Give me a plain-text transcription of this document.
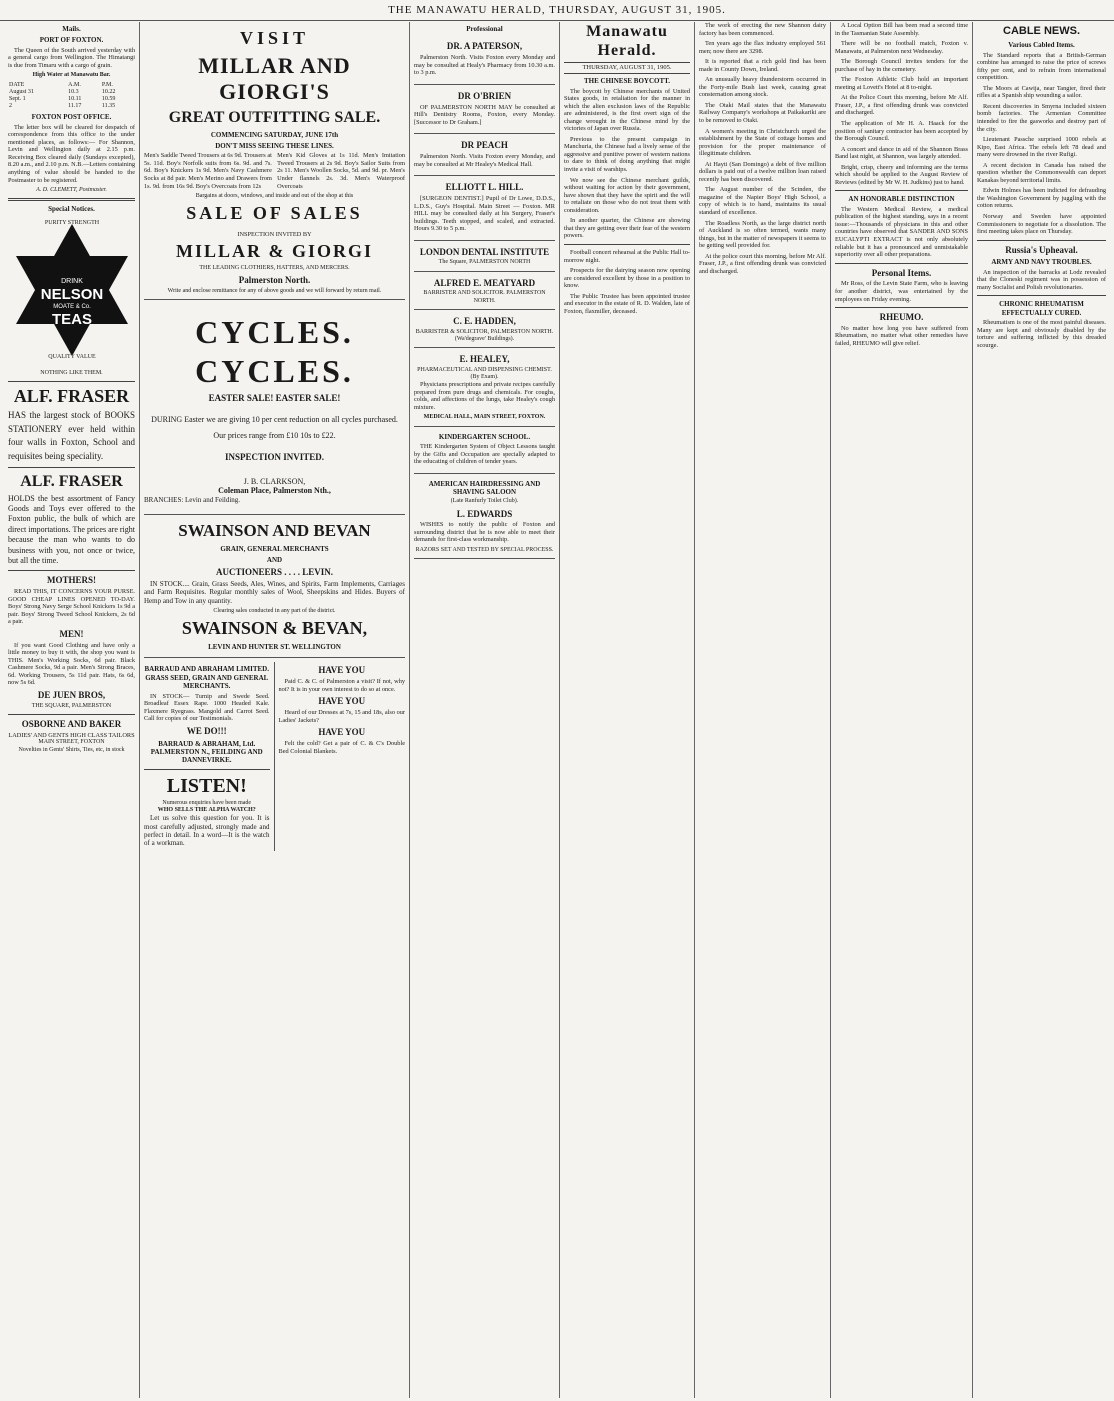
THE MANAWATU HERALD, THURSDAY, AUGUST 31, 1905.
Mails.
PORT OF FOXTON.

The Queen of the South arrived yesterday with a general cargo from Wellington. The Himatangi is due from Timaru with a cargo of grain.

High Water at Manawatu Bar.
DATE	A.M.	P.M.
August 31	10.3	10.22
Sept. 1	10.11	10.59
2	11.17	11.35
FOXTON POST OFFICE.

The letter box will be cleared for despatch of correspondence from this office to the under mentioned places, as follows:— For Shannon, Levin and Wellington daily at 2.15 p.m. Receiving Box cleared daily (Sundays excepted), 8.20 a.m., and 2.10 p.m. N.B.—Letters containing anything of value should be handed to the Postmaster to be registered.

A. D. CLEMETT, Postmaster.
Special Notices.
DRINK
NELSON
MOATE & Co.
TEAS
PURITY STRENGTH
QUALITY VALUE
NOTHING LIKE THEM.
ALF. FRASER

HAS the largest stock of BOOKS STATIONERY ever held within four walls in Foxton, School and requisites being speciality.

ALF. FRASER

HOLDS the best assortment of Fancy Goods and Toys ever offered to the Foxton public, the bulk of which are direct importations. The prices are right because the man who wants to do business with you, not once or twice, but all the time.

MOTHERS!

READ THIS, IT CONCERNS YOUR PURSE. GOOD CHEAP LINES OPENED TO-DAY. Boys' Strong Navy Serge School Knickers 1s 9d a pair. Boys' Strong Tweed School Knickers, 2s 6d a pair.

MEN!

If you want Good Clothing and have only a little money to buy it with, the shop you want is THIS. Men's Working Socks, 6d pair. Black Cashmere Socks, 9d a pair. Men's Strong Braces, 6d. Working Trousers, 5s 11d pair. Hats, 6s 6d, now 5s 6d.

DE JUEN BROS,
THE SQUARE, PALMERSTON
OSBORNE AND BAKER
LADIES' AND GENTS HIGH CLASS TAILORS
MAIN STREET, FOXTON
Novelties in Gents' Shirts, Ties, etc, in stock
VISIT
MILLAR AND GIORGI'S
GREAT OUTFITTING SALE.
COMMENCING SATURDAY, JUNE 17th
DON'T MISS SEEING THESE LINES.

Men's Saddle Tweed Trousers at 6s 9d. Trousers at 5s. 11d. Boy's Norfolk suits from 6s. 9d. and 7s. 6d. Boy's Knickers 1s 9d. Men's Navy Cashmere Socks at 8d pair. Men's Merino and Drawers from 1s. 9d. from 16s 9d. Boy's Overcoats from 12s

Men's Kid Gloves at 1s 11d. Men's Imitation Tweed Trousers at 2s 9d. Boy's Sailor Suits from 2s 11. Men's Woollen Socks, 5d. and 9d. pr. Men's Under flannels 2s. 3d. Men's Waterproof Overcoats

Bargains at doors, windows, and inside and out of the shop at this
SALE OF SALES
INSPECTION INVITED BY
MILLAR & GIORGI
THE LEADING CLOTHIERS, HATTERS, AND MERCERS.
Palmerston North.
Write and enclose remittance for any of above goods and we will forward by return mail.
CYCLES. CYCLES.
EASTER SALE! EASTER SALE!

DURING Easter we are giving 10 per cent reduction on all cycles purchased. Our prices range from £10 10s to £22.

INSPECTION INVITED.
J. B. CLARKSON,
Coleman Place, Palmerston Nth.,
BRANCHES: Levin and Feilding.
SWAINSON AND BEVAN
GRAIN, GENERAL MERCHANTS
AND
AUCTIONEERS . . . . LEVIN.

IN STOCK.... Grain, Grass Seeds, Ales, Wines, and Spirits, Farm Implements, Carriages and Farm Requisites. Regular monthly sales of Wool, Sheepskins and Hides. Buyers of Hemp and Tow in any quantity.

Clearing sales conducted in any part of the district.
SWAINSON & BEVAN,
LEVIN AND HUNTER ST. WELLINGTON
BARRAUD AND ABRAHAM LIMITED. GRASS SEED, GRAIN AND GENERAL MERCHANTS.

IN STOCK— Turnip and Swede Seed. Broadleaf Essex Rape. 1000 Headed Kale. Flaxmere Ryegrass. Mangold and Carrot Seed. Call for copies of our Testimonials.

WE DO!!!
BARRAUD & ABRAHAM, Ltd. PALMERSTON N., FEILDING AND DANNEVIRKE.
LISTEN!
Numerous enquiries have been made
WHO SELLS THE ALPHA WATCH?

Let us solve this question for you. It is most carefully adjusted, strongly made and perfect in detail. In a word—It is the watch of a workman.

HAVE YOU

Paid C. & C. of Palmerston a visit? If not, why not? It is in your own interest to do so at once.

HAVE YOU

Heard of our Dresses at 7s, 15 and 18s, also our Ladies' Jackets?

HAVE YOU

Felt the cold? Get a pair of C. & C's Double Bed Colonial Blankets.

Professional
DR. A PATERSON,

Palmerston North. Visits Foxton every Monday and may be consulted at Healy's Pharmacy from 10.30 a.m. to 3 p.m.

DR O'BRIEN

OF PALMERSTON NORTH MAY be consulted at Hill's Dentistry Rooms, Foxton, every Monday. [Successor to Dr Graham.]

DR PEACH

Palmerston North. Visits Foxton every Monday, and may be consulted at Mr Healey's Medical Hall.

ELLIOTT L. HILL.

[SURGEON DENTIST.] Pupil of Dr Lowe, D.D.S., L.D.S., Guy's Hospital. Main Street — Foxton. MR HILL may be consulted daily at his Surgery, Fraser's buildings. Teeth stopped, and scaled, and extracted. Hours 9.30 to 5 p.m.

LONDON DENTAL INSTITUTE
The Square, PALMERSTON NORTH
ALFRED E. MEATYARD
BARRISTER AND SOLICITOR. PALMERSTON NORTH.
C. E. HADDEN,
BARRISTER & SOLICITOR, PALMERSTON NORTH. (Wa'degrave' Buildings).
E. HEALEY,
PHARMACEUTICAL AND DISPENSING CHEMIST. (By Exam).

Physicians prescriptions and private recipes carefully prepared from pure drugs and chemicals. For coughs, colds, and affections of the lungs, take Healey's cough mixture.

MEDICAL HALL, MAIN STREET, FOXTON.
KINDERGARTEN SCHOOL.

THE Kindergarten System of Object Lessons taught by the Gifts and Occupation are specially adapted to the educating of children of tender years.

AMERICAN HAIRDRESSING AND SHAVING SALOON
(Late Ranfurly Toilet Club).
L. EDWARDS

WISHES to notify the public of Foxton and surrounding district that he is now able to meet their demands for first-class workmanship.

RAZORS SET AND TESTED BY SPECIAL PROCESS.
Manawatu Herald.
THURSDAY, AUGUST 31, 1905.
THE CHINESE BOYCOTT.

The boycott by Chinese merchants of United States goods, in retaliation for the manner in which the alien exclusion laws of the Republic are administered, is the first overt sign of the change wrought in the Chinese mind by the victories of Japan over Russia.

Previous to the present campaign in Manchuria, the Chinese had a lively sense of the aggressive and punitive power of western nations to dare to think of doing anything that might invite a visit of warships.

We now see the Chinese merchant guilds, without waiting for action by their government, have shown that they have the spirit and the will to retaliate on those who do not treat them with consideration.

In another quarter, the Chinese are showing that they are getting over their fear of the western powers.

Football concert rehearsal at the Public Hall to-morrow night.

Prospects for the dairying season now opening are considered excellent by those in a position to know.

The Public Trustee has been appointed trustee and executor in the estate of R. D. Walden, late of Foxton, flaxmiller, deceased.

The work of erecting the new Shannon dairy factory has been commenced.

Ten years ago the flax industry employed 561 men; now there are 3298.

It is reported that a rich gold find has been made in County Down, Ireland.

An unusually heavy thunderstorm occurred in the Forty-mile Bush last week, causing great consternation among stock.

The Otaki Mail states that the Manawatu Railway Company's workshops at Paikakariki are to be removed to Otaki.

A women's meeting in Christchurch urged the establishment by the State of cottage homes and provision for the proper maintenance of illegitimate children.

At Hayti (San Domingo) a debt of five million dollars is paid out of a twelve million loan raised recently has been discovered.

The August number of the Scinden, the magazine of the Napier Boys' High School, a copy of which is to hand, maintains its usual standard of excellence.

The Roadless North, as the large district north of Auckland is so often termed, wants many things, but in the matter of newspapers it seems to be getting well provided for.

At the police court this morning, before Mr Alf. Fraser, J.P., a first offending drunk was convicted and discharged.

A Local Option Bill has been read a second time in the Tasmanian State Assembly.

There will be no football match, Foxton v. Manawatu, at Palmerston next Wednesday.

The Borough Council invites tenders for the purchase of hay in the cemetery.

The Foxton Athletic Club hold an important meeting at Lovett's Hotel at 8 to-night.

At the Police Court this morning, before Mr Alf. Fraser, J.P., a first offending drunk was convicted and discharged.

The application of Mr H. A. Haack for the position of sanitary contractor has been accepted by the Borough Council.

A concert and dance in aid of the Shannon Brass Band last night, at Shannon, was largely attended.

Bright, crisp, cheery and informing are the terms which should be applied to the August Review of Reviews (edited by Mr W. H. Judkins) just to hand.

AN HONORABLE DISTINCTION

The Western Medical Review, a medical publication of the highest standing, says in a recent issue:—Thousands of physicians in this and other countries have observed that SANDER AND SONS EUCALYPTI EXTRACT is not only absolutely reliable but it has a pronounced and unmistakable superiority over all other preparations.

Personal Items.

Mr Ross, of the Levin State Farm, who is leaving for another district, was entertained by the employees on Friday evening.

RHEUMO.

No matter how long you have suffered from Rheumatism, no matter what other remedies have failed, RHEUMO will give relief.

CABLE NEWS.
Various Cabled Items.

The Standard reports that a British-German combine has arranged to raise the price of screws fifty per cent, and to refrain from international competition.

The Moors at Cawija, near Tangier, fired their rifles at a Spanish ship wounding a sailor.

Recent discoveries in Smyrna included sixteen bomb factories. The Armenian Committee intended to fire the gasworks and destroy part of the city.

Lieutenant Passche surprised 1000 rebels at Kipo, East Africa. The rebels left 78 dead and many were drowned in the river Rufigi.

A recent decision in Canada has raised the question whether the Commonwealth can deport Kanakas beyond territorial limits.

Edwin Holmes has been indicted for defrauding the Washington Government by juggling with the cotton returns.

Norway and Sweden have appointed Commissioners to negotiate for a dissolution. The first meeting takes place on Thursday.

Russia's Upheaval.
ARMY AND NAVY TROUBLES.

An inspection of the barracks at Lodz revealed that the Cloneski regiment was in possession of many Socialist and Polish revolutionaries.

CHRONIC RHEUMATISM EFFECTUALLY CURED.

Rheumatism is one of the most painful diseases. Many are kept and obviously disabled by the torture and suffering inflicted by this dreaded scourge.
